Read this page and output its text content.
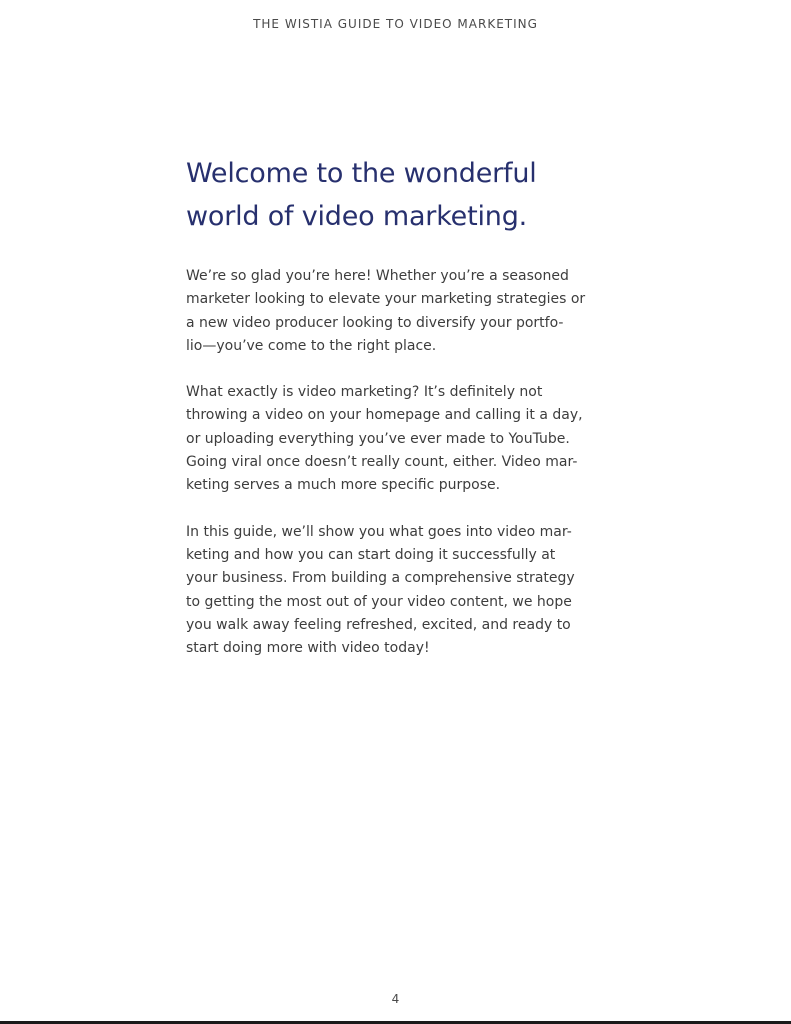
THE WISTIA GUIDE TO VIDEO MARKETING
Welcome to the wonderful
world of video marketing.

We’re so glad you’re here! Whether you’re a seasoned
marketer looking to elevate your marketing strategies or
a new video producer looking to diversify your portfo-
lio—you’ve come to the right place.

What exactly is video marketing? It’s definitely not
throwing a video on your homepage and calling it a day,
or uploading everything you’ve ever made to YouTube.
Going viral once doesn’t really count, either. Video mar-
keting serves a much more specific purpose.

In this guide, we’ll show you what goes into video mar-
keting and how you can start doing it successfully at
your business. From building a comprehensive strategy
to getting the most out of your video content, we hope
you walk away feeling refreshed, excited, and ready to
start doing more with video today!

4
